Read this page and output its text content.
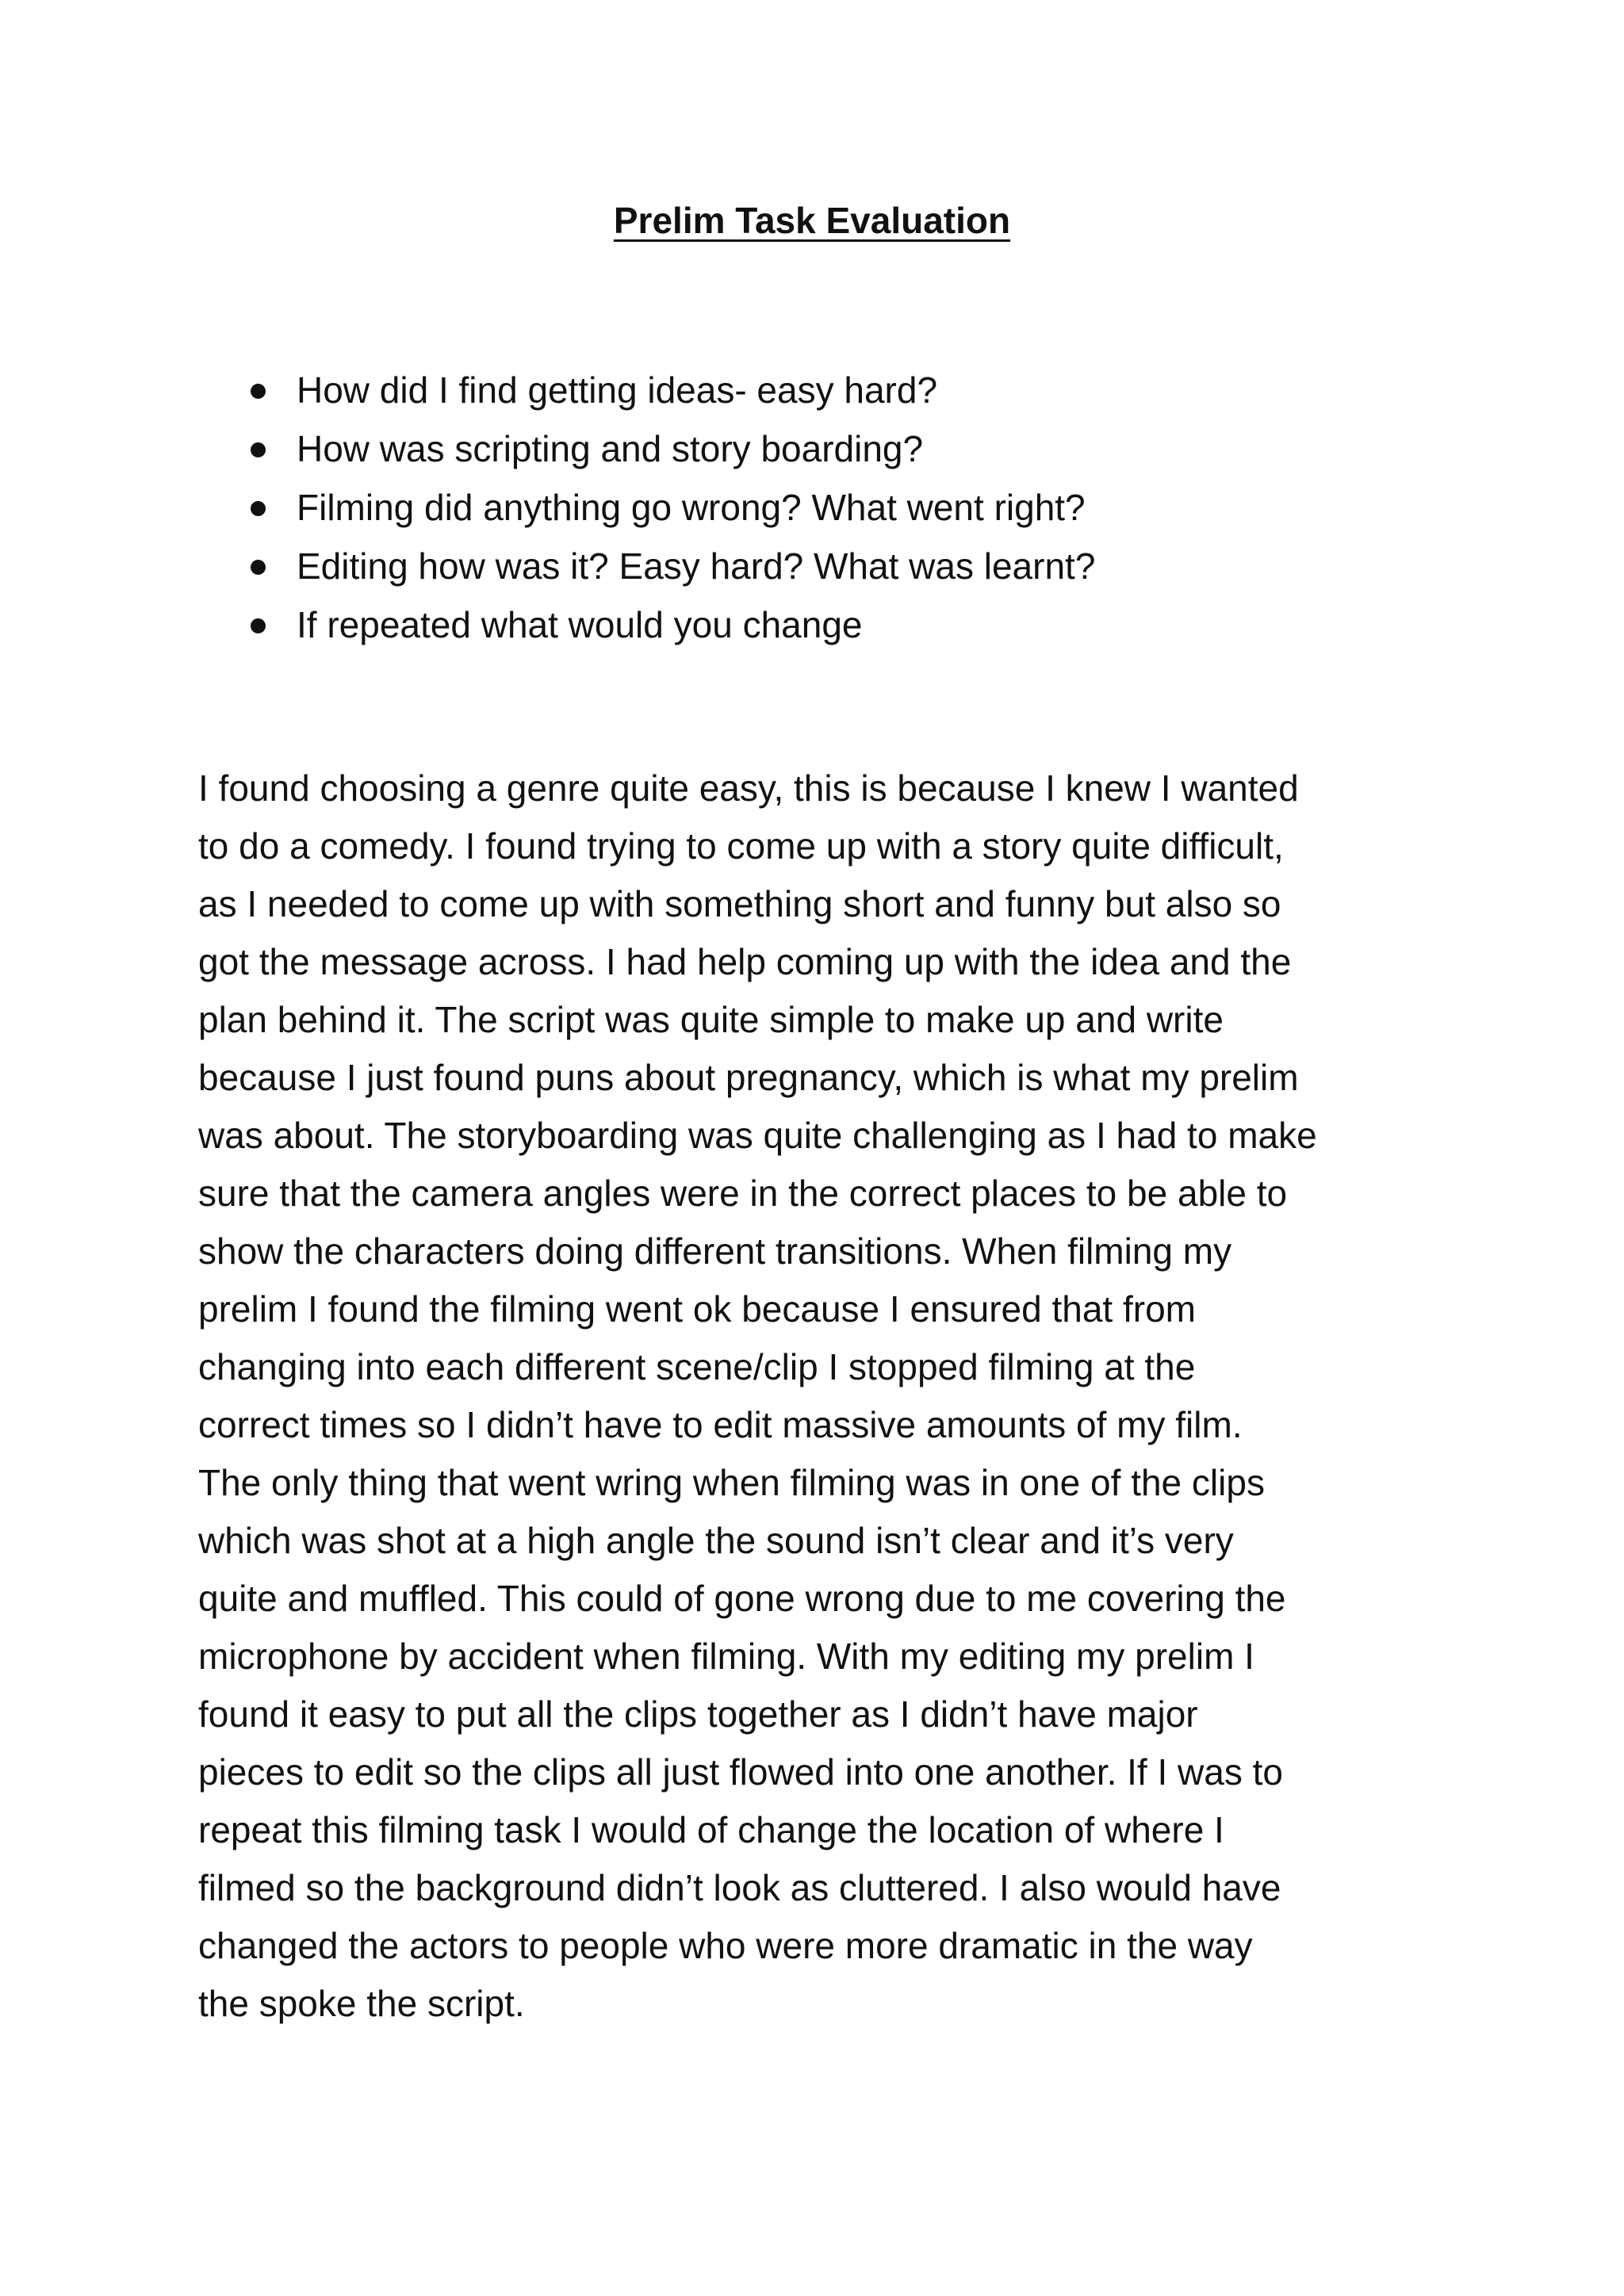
Prelim Task Evaluation
How did I find getting ideas- easy hard?
How was scripting and story boarding?
Filming did anything go wrong? What went right?
Editing how was it? Easy hard? What was learnt?
If repeated what would you change

I found choosing a genre quite easy, this is because I knew I wanted
to do a comedy. I found trying to come up with a story quite difficult,
as I needed to come up with something short and funny but also so
got the message across. I had help coming up with the idea and the
plan behind it. The script was quite simple to make up and write
because I just found puns about pregnancy, which is what my prelim
was about. The storyboarding was quite challenging as I had to make
sure that the camera angles were in the correct places to be able to
show the characters doing different transitions. When filming my
prelim I found the filming went ok because I ensured that from
changing into each different scene/clip I stopped filming at the
correct times so I didn’t have to edit massive amounts of my film.
The only thing that went wring when filming was in one of the clips
which was shot at a high angle the sound isn’t clear and it’s very
quite and muffled. This could of gone wrong due to me covering the
microphone by accident when filming. With my editing my prelim I
found it easy to put all the clips together as I didn’t have major
pieces to edit so the clips all just flowed into one another. If I was to
repeat this filming task I would of change the location of where I
filmed so the background didn’t look as cluttered. I also would have
changed the actors to people who were more dramatic in the way
the spoke the script.
